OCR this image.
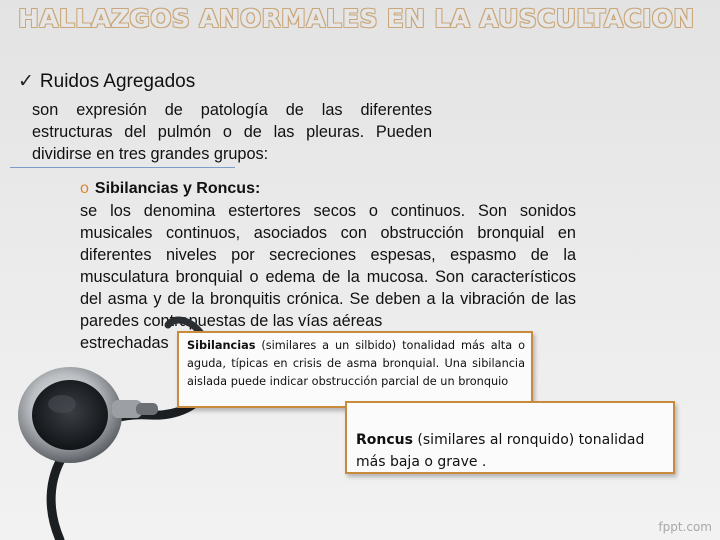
HALLAZGOS ANORMALES EN LA AUSCULTACION
✓ Ruidos Agregados
son expresión de patología de las diferentes estructuras del pulmón o de las pleuras. Pueden dividirse en tres grandes grupos:
o Sibilancias y Roncus:
se los denomina estertores secos o continuos. Son sonidos musicales continuos, asociados con obstrucción bronquial en diferentes niveles por secreciones espesas, espasmo de la musculatura bronquial o edema de la mucosa. Son característicos del asma y de la bronquitis crónica. Se deben a la vibración de las paredes contrapuestas de las vías aéreas
estrechadas	Sibilancias (similares a un silbido) tonalidad más alta o aguda, típicas en crisis de asma bronquial. Una sibilancia aislada puede indicar obstrucción parcial de un bronquio
Roncus (similares al ronquido) tonalidad más baja o grave .
fppt.com
